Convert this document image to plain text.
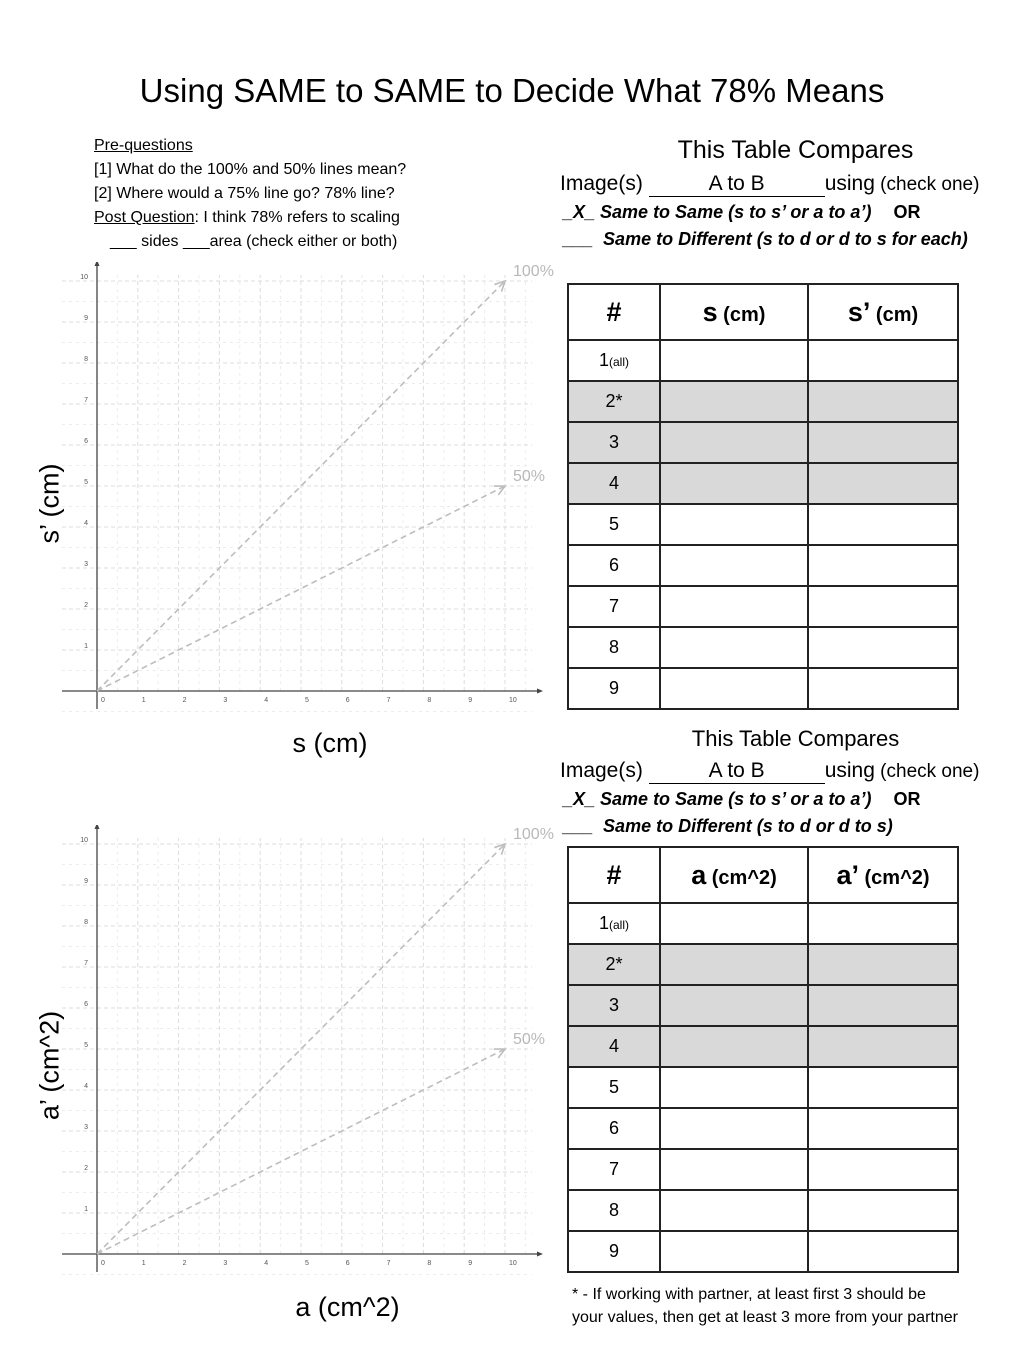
Using SAME to SAME to Decide What 78% Means
Pre-questions
[1] What do the 100% and 50% lines mean?
[2] Where would a 75% line go? 78% line?
Post Question: I think 78% refers to scaling
___ sides ___area (check either or both)
This Table Compares
Image(s)	A to B	using (check one)
_X_ Same to Same (s to s’ or a to a’) OR
___ Same to Different (s to d or d to s for each)
#	s (cm)	s’ (cm)
1(all)		
2*		
3		
4		
5		
6		
7		
8		
9		
This Table Compares
Image(s)	A to B	using (check one)
_X_ Same to Same (s to s’ or a to a’) OR
___ Same to Different (s to d or d to s)
#	a (cm^2)	a’ (cm^2)
1(all)		
2*		
3		
4		
5		
6		
7		
8		
9		
0	1
1
2
2
3
3
4
4
5
5
6
6
7
7
8
8
9
9
10
10	100%
50%
0	1
1
2
2
3
3
4
4
5
5
6
6
7
7
8
8
9
9
10
10	100%
50%
s’ (cm)
s (cm)
a’ (cm^2)
a (cm^2)	* - If working with partner, at least first 3 should be
your values, then get at least 3 more from your partner
